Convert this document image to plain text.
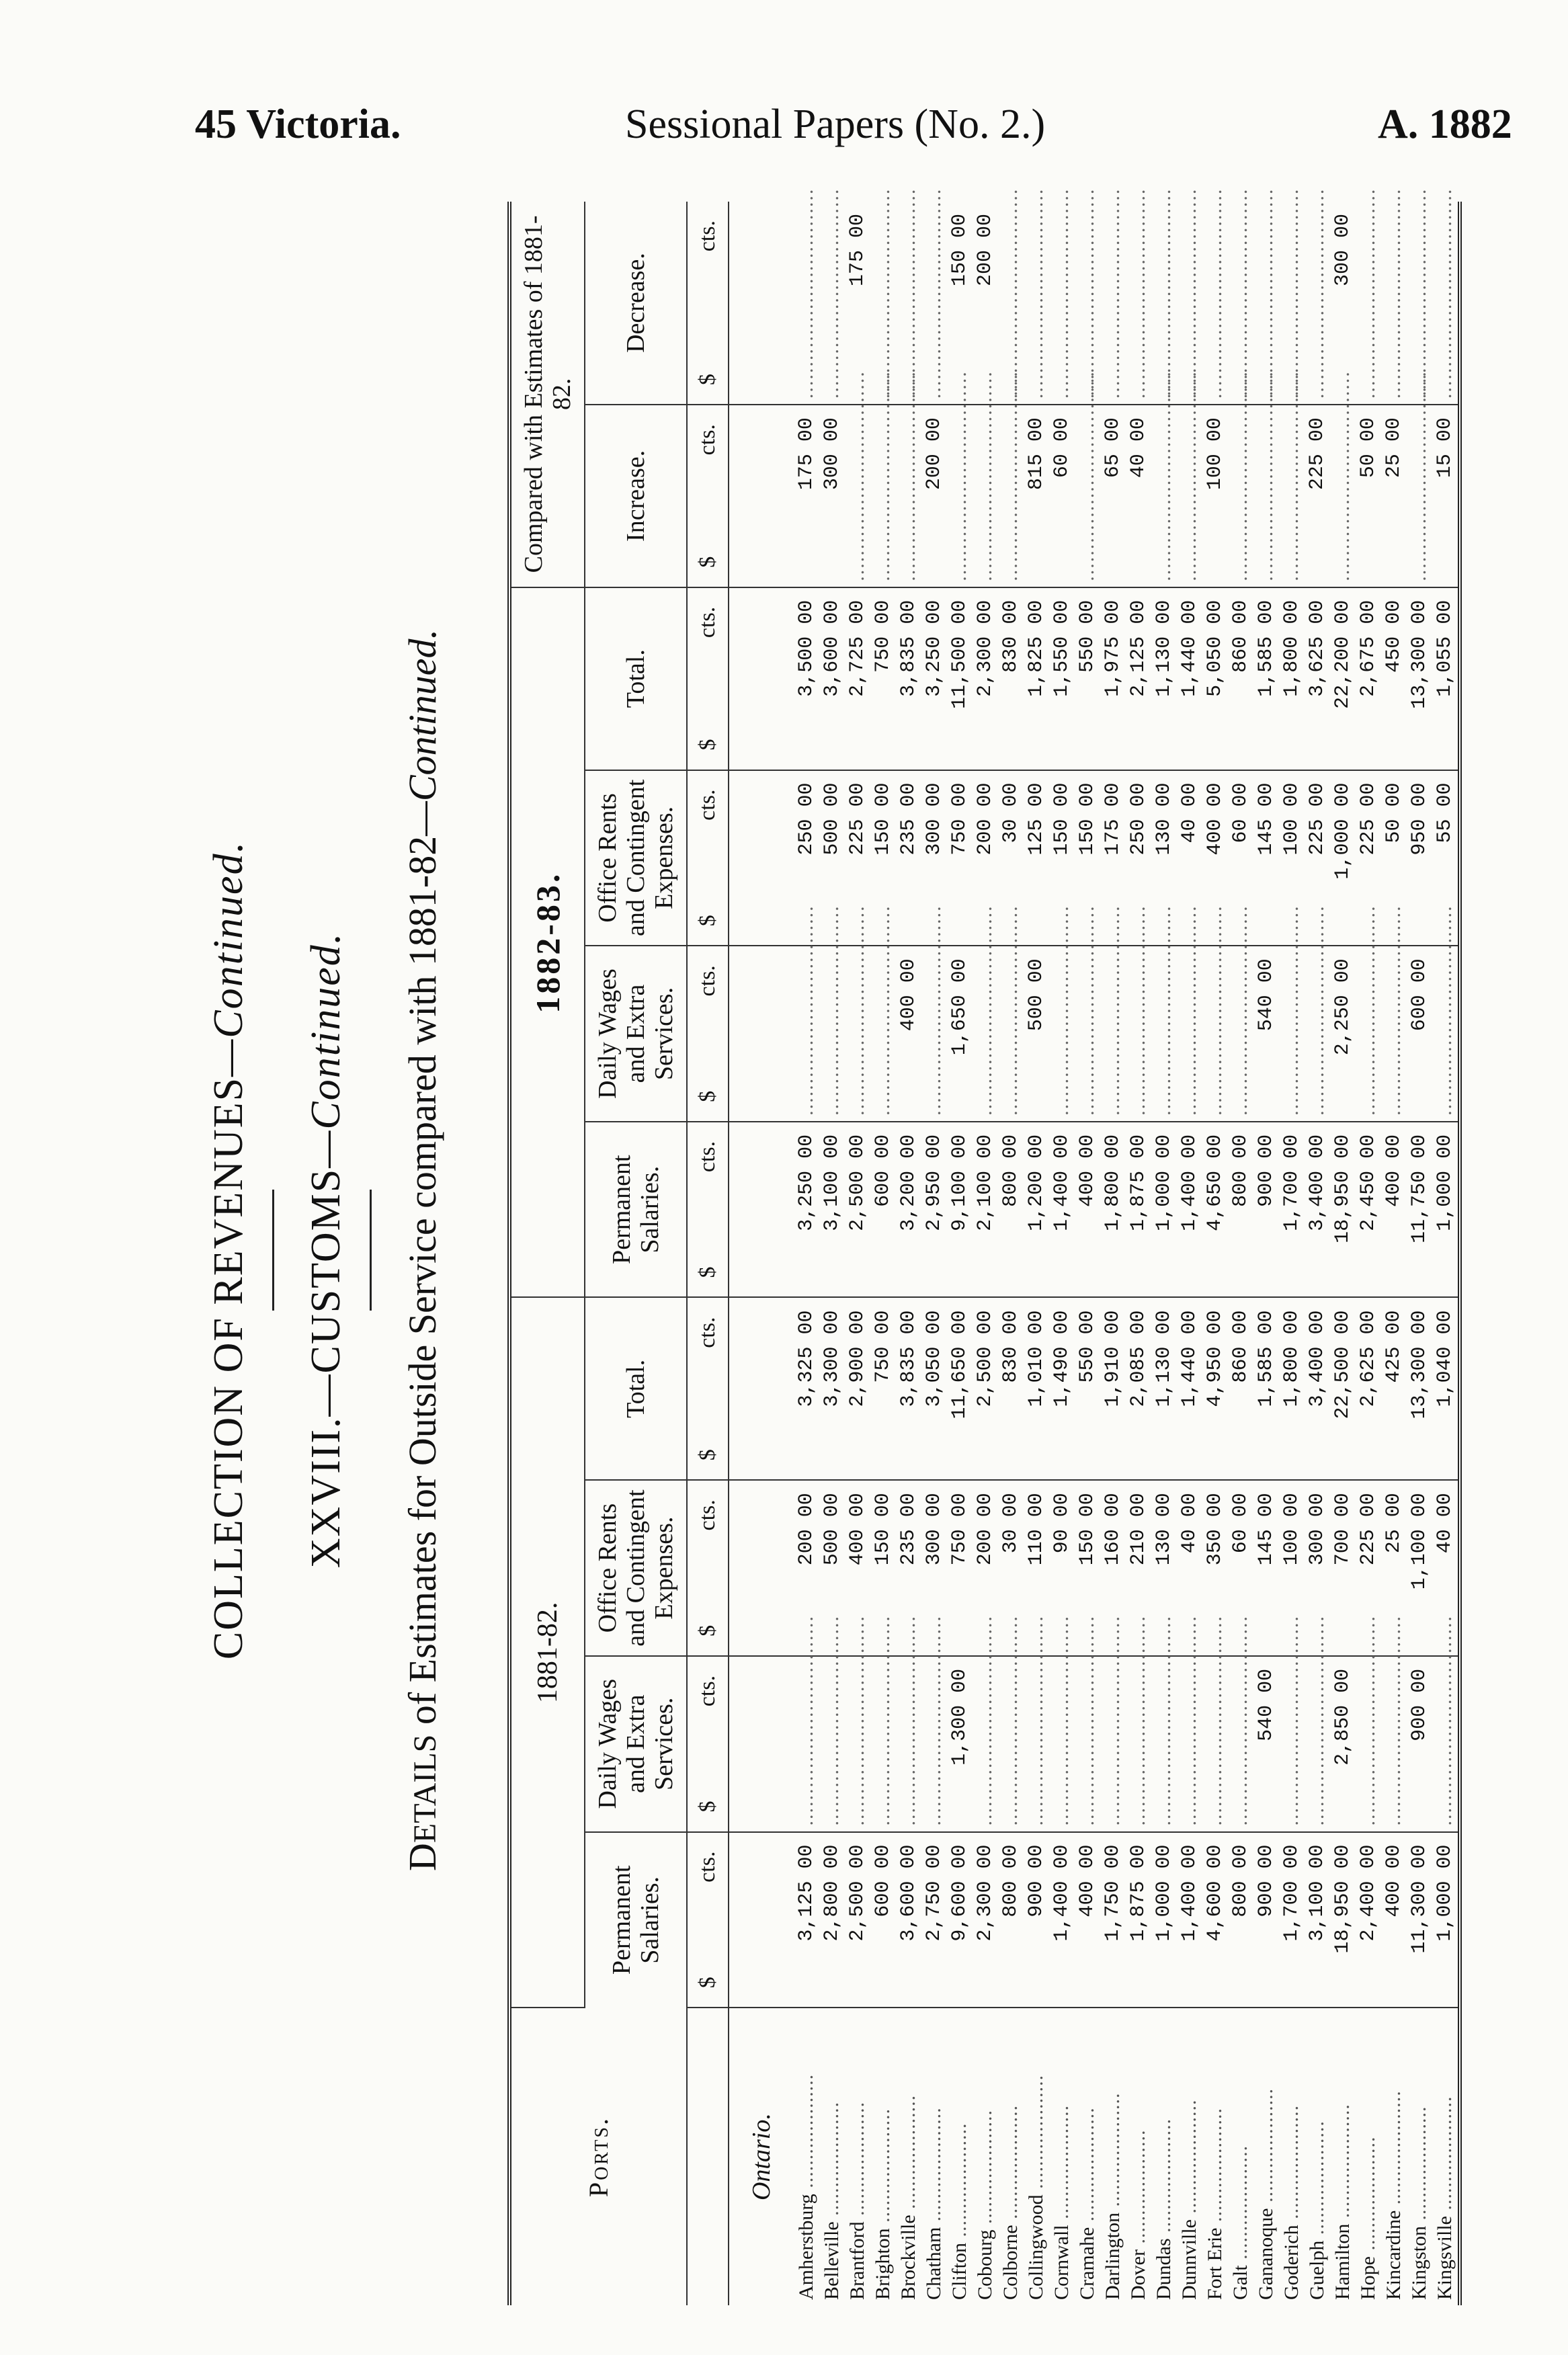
45 Victoria.	Sessional Papers (No. 2.)	A. 1882
COLLECTION OF REVENUES—Continued.
XXVIII.—CUSTOMS—Continued.
DETAILS of Estimates for Outside Service compared with 1881-82—Continued.
Ports.	1881-82.				1882-83.				Compared with Estimates of 1881-82.	
	Permanent Salaries.	Daily Wages and Extra Services.	Office Rents and Contingent Expenses.	Total.	Permanent Salaries.	Daily Wages and Extra Services.	Office Rents and Contingent Expenses.	Total.	Increase.	Decrease.

	$
cts.	$
cts.	$
cts.	$
cts.	$
cts.	$
cts.	$
cts.	$
cts.	$
cts.	$
cts.

Ontario.										
Amherstburg ....................	3,125 00	.....	200 00	3,325 00	3,250 00	.....	250 00	3,500 00	175 00	.....
Belleville ....................	2,800 00	.....	500 00	3,300 00	3,100 00	.....	500 00	3,600 00	300 00	.....
Brantford ....................	2,500 00	.....	400 00	2,900 00	2,500 00	.....	225 00	2,725 00	.....	175 00
Brighton ....................	600 00	.....	150 00	750 00	600 00	.....	150 00	750 00	.....	.....
Brockville ....................	3,600 00	.....	235 00	3,835 00	3,200 00	400 00	235 00	3,835 00	.....	.....
Chatham ....................	2,750 00	.....	300 00	3,050 00	2,950 00	.....	300 00	3,250 00	200 00	.....
Clifton ....................	9,600 00	1,300 00	750 00	11,650 00	9,100 00	1,650 00	750 00	11,500 00	.....	150 00
Cobourg ....................	2,300 00	.....	200 00	2,500 00	2,100 00	.....	200 00	2,300 00	.....	200 00
Colborne ....................	800 00	.....	30 00	830 00	800 00	.....	30 00	830 00	.....	.....
Collingwood ....................	900 00	.....	110 00	1,010 00	1,200 00	500 00	125 00	1,825 00	815 00	.....
Cornwall ....................	1,400 00	.....	90 00	1,490 00	1,400 00	.....	150 00	1,550 00	60 00	.....
Cramahe ....................	400 00	.....	150 00	550 00	400 00	.....	150 00	550 00	.....	.....
Darlington ....................	1,750 00	.....	160 00	1,910 00	1,800 00	.....	175 00	1,975 00	65 00	.....
Dover ....................	1,875 00	.....	210 00	2,085 00	1,875 00	.....	250 00	2,125 00	40 00	.....
Dundas ....................	1,000 00	.....	130 00	1,130 00	1,000 00	.....	130 00	1,130 00	.....	.....
Dunnville ....................	1,400 00	.....	40 00	1,440 00	1,400 00	.....	40 00	1,440 00	.....	.....
Fort Erie ....................	4,600 00	.....	350 00	4,950 00	4,650 00	.....	400 00	5,050 00	100 00	.....
Galt ....................	800 00	.....	60 00	860 00	800 00	.....	60 00	860 00	.....	.....
Gananoque ....................	900 00	540 00	145 00	1,585 00	900 00	540 00	145 00	1,585 00	.....	.....
Goderich ....................	1,700 00	.....	100 00	1,800 00	1,700 00	.....	100 00	1,800 00	.....	.....
Guelph ....................	3,100 00	.....	300 00	3,400 00	3,400 00	.....	225 00	3,625 00	225 00	.....
Hamilton ....................	18,950 00	2,850 00	700 00	22,500 00	18,950 00	2,250 00	1,000 00	22,200 00	.....	300 00
Hope ....................	2,400 00	.....	225 00	2,625 00	2,450 00	.....	225 00	2,675 00	50 00	.....
Kincardine ....................	400 00	.....	25 00	425 00	400 00	.....	50 00	450 00	25 00	.....
Kingston ....................	11,300 00	900 00	1,100 00	13,300 00	11,750 00	600 00	950 00	13,300 00	.....	.....
Kingsville ....................	1,000 00	.....	40 00	1,040 00	1,000 00	.....	55 00	1,055 00	15 00	.....
